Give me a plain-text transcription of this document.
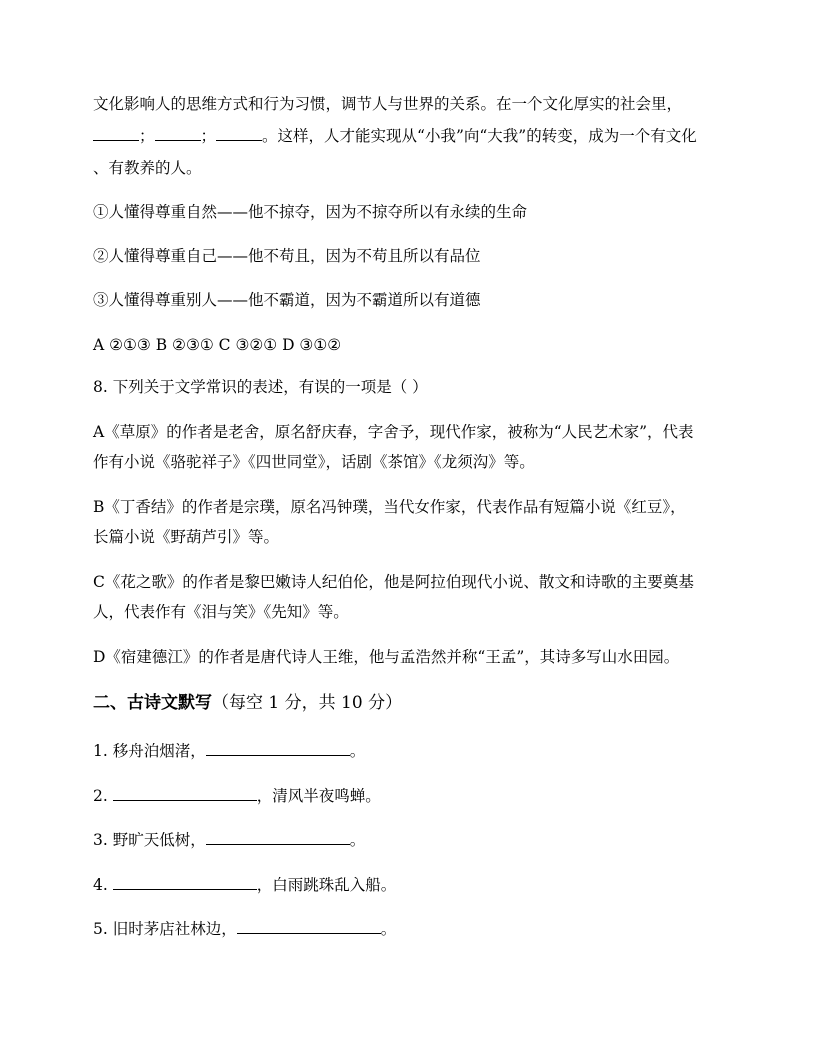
文化影响人的思维方式和行为习惯，调节人与世界的关系。在一个文化厚实的社会里，
；	；	。这样，人才能实现从“小我”向“大我”的转变，成为一个有文化
、有教养的人。
①人懂得尊重自然——他不掠夺，因为不掠夺所以有永续的生命
②人懂得尊重自己——他不苟且，因为不苟且所以有品位
③人懂得尊重别人——他不霸道，因为不霸道所以有道德
A ②①③ B ②③① C ③②① D ③①②
8. 下列关于文学常识的表述，有误的一项是（ ）
A《草原》的作者是老舍，原名舒庆春，字舍予，现代作家，被称为“人民艺术家”，代表
作有小说《骆驼祥子》《四世同堂》，话剧《茶馆》《龙须沟》等。
B《丁香结》的作者是宗璞，原名冯钟璞，当代女作家，代表作品有短篇小说《红豆》，
长篇小说《野葫芦引》等。
C《花之歌》的作者是黎巴嫩诗人纪伯伦，他是阿拉伯现代小说、散文和诗歌的主要奠基
人，代表作有《泪与笑》《先知》等。
D《宿建德江》的作者是唐代诗人王维，他与孟浩然并称“王孟”，其诗多写山水田园。
二、古诗文默写（每空 1 分，共 10 分）
1. 移舟泊烟渚，	。
2.	，清风半夜鸣蝉。
3. 野旷天低树，	。
4.	，白雨跳珠乱入船。
5. 旧时茅店社林边，	。
